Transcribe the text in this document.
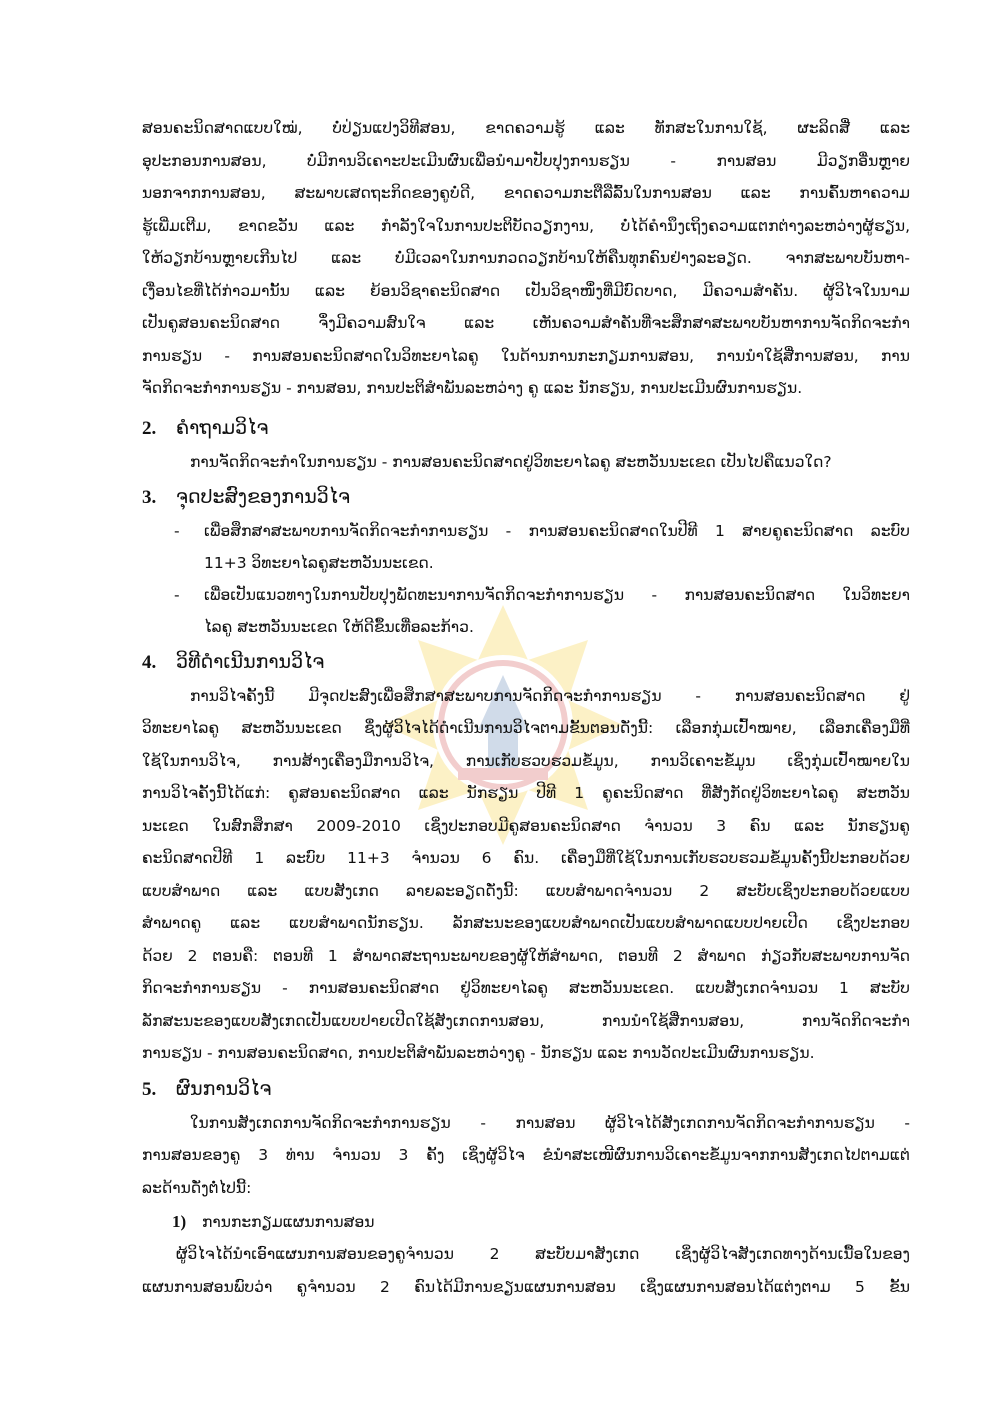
ສອນຄະນິດສາດແບບໃໝ່, ບໍ່ປ່ຽນແປງວິທີສອນ, ຂາດຄວາມຮູ້ ແລະ ທັກສະໃນການໃຊ້, ຜະລິດສື່ ແລະ

ອຸປະກອນການສອນ, ບໍ່ມີການວິເຄາະປະເມີນຜົນເພື່ອນຳມາປັບປຸງການຮຽນ - ການສອນ ມີວຽກອື່ນຫຼາຍ

ນອກຈາກການສອນ, ສະພາບເສດຖະກິດຂອງຄູບໍ່ດີ, ຂາດຄວາມກະຕືລືລົ້ນໃນການສອນ ແລະ ການຄົ້ນຫາຄວາມ

ຮູ້ເພີ່ມເຕີມ, ຂາດຂວັນ ແລະ ກຳລັງໃຈໃນການປະຕິບັດວຽກງານ, ບໍ່ໄດ້ຄຳນຶງເຖິງຄວາມແຕກຕ່າງລະຫວ່າງຜູ້ຮຽນ,

ໃຫ້ວຽກບ້ານຫຼາຍເກີນໄປ ແລະ ບໍ່ມີເວລາໃນການກວດວຽກບ້ານໃຫ້ຄືນທຸກຄົນຢ່າງລະອຽດ. ຈາກສະພາບບັນຫາ-

ເງື່ອນໄຂທີ່ໄດ້ກ່າວມານັ້ນ ແລະ ຍ້ອນວິຊາຄະນິດສາດ ເປັນວິຊາໜຶ່ງທີ່ມີບົດບາດ, ມີຄວາມສຳຄັນ. ຜູ້ວິໄຈໃນນາມ

ເປັນຄູສອນຄະນິດສາດ ຈຶ່ງມີຄວາມສົນໃຈ ແລະ ເຫັນຄວາມສຳຄັນທີ່ຈະສຶກສາສະພາບບັນຫາການຈັດກິດຈະກຳ

ການຮຽນ - ການສອນຄະນິດສາດໃນວິທະຍາໄລຄູ ໃນດ້ານການກະກຽມການສອນ, ການນຳໃຊ້ສື່ການສອນ, ການ

ຈັດກິດຈະກຳການຮຽນ - ການສອນ, ການປະຕິສຳພັນລະຫວ່າງ ຄູ ແລະ ນັກຮຽນ, ການປະເມີນຜົນການຮຽນ.

2.	ຄຳຖາມວິໄຈ

ການຈັດກິດຈະກຳໃນການຮຽນ - ການສອນຄະນິດສາດຢູ່ວິທະຍາໄລຄູ ສະຫວັນນະເຂດ ເປັນໄປຄືແນວໃດ?

3.	ຈຸດປະສົງຂອງການວິໄຈ
-	ເພື່ອສຶກສາສະພາບການຈັດກິດຈະກຳການຮຽນ - ການສອນຄະນິດສາດໃນປີທີ 1 ສາຍຄູຄະນິດສາດ ລະບົບ
11+3 ວິທະຍາໄລຄູສະຫວັນນະເຂດ.
-	ເພື່ອເປັນແນວທາງໃນການປັບປຸງພັດທະນາການຈັດກິດຈະກຳການຮຽນ - ການສອນຄະນິດສາດ ໃນວິທະຍາ
ໄລຄູ ສະຫວັນນະເຂດ ໃຫ້ດີຂຶ້ນເທື່ອລະກ້າວ.
4.	ວິທີດຳເນີນການວິໄຈ

ການວິໄຈຄັ້ງນີ້ ມີຈຸດປະສົງເພື່ອສຶກສາສະພາບການຈັດກິດຈະກຳການຮຽນ - ການສອນຄະນິດສາດ ຢູ່

ວິທະຍາໄລຄູ ສະຫວັນນະເຂດ ຊຶ່ງຜູ້ວິໄຈໄດ້ດຳເນີນການວິໄຈຕາມຂັ້ນຕອນດັ່ງນີ້: ເລືອກກຸ່ມເປົ້າໝາຍ, ເລືອກເຄື່ອງມືທີ່

ໃຊ້ໃນການວິໄຈ, ການສ້າງເຄື່ອງມືການວິໄຈ, ການເກັບຮວບຮວມຂໍ້ມູນ, ການວິເຄາະຂໍ້ມູນ ເຊິ່ງກຸ່ມເປົ້າໝາຍໃນ

ການວິໄຈຄັ້ງນີ້ໄດ້ແກ່: ຄູສອນຄະນິດສາດ ແລະ ນັກຮຽນ ປີທີ 1 ຄູຄະນິດສາດ ທີ່ສັງກັດຢູ່ວິທະຍາໄລຄູ ສະຫວັນ

ນະເຂດ ໃນສົກສຶກສາ 2009-2010 ເຊິ່ງປະກອບມີຄູສອນຄະນິດສາດ ຈຳນວນ 3 ຄົນ ແລະ ນັກຮຽນຄູ

ຄະນິດສາດປີທີ 1 ລະບົບ 11+3 ຈຳນວນ 6 ຄົນ. ເຄື່ອງມືທີ່ໃຊ້ໃນການເກັບຮວບຮວມຂໍ້ມູນຄັ້ງນີ້ປະກອບດ້ວຍ

ແບບສຳພາດ ແລະ ແບບສັງເກດ ລາຍລະອຽດດັ່ງນີ້: ແບບສຳພາດຈຳນວນ 2 ສະບັບເຊິ່ງປະກອບດ້ວຍແບບ

ສຳພາດຄູ ແລະ ແບບສຳພາດນັກຮຽນ. ລັກສະນະຂອງແບບສຳພາດເປັນແບບສຳພາດແບບປາຍເປີດ ເຊິ່ງປະກອບ

ດ້ວຍ 2 ຕອນຄື: ຕອນທີ 1 ສຳພາດສະຖານະພາບຂອງຜູ້ໃຫ້ສຳພາດ, ຕອນທີ 2 ສຳພາດ ກ່ຽວກັບສະພາບການຈັດ

ກິດຈະກຳການຮຽນ - ການສອນຄະນິດສາດ ຢູ່ວິທະຍາໄລຄູ ສະຫວັນນະເຂດ. ແບບສັງເກດຈຳນວນ 1 ສະບັບ

ລັກສະນະຂອງແບບສັງເກດເປັນແບບປາຍເປີດໃຊ້ສັງເກດການສອນ, ການນຳໃຊ້ສື່ການສອນ, ການຈັດກິດຈະກຳ

ການຮຽນ - ການສອນຄະນິດສາດ, ການປະຕິສຳພັນລະຫວ່າງຄູ - ນັກຮຽນ ແລະ ການວັດປະເມີນຜົນການຮຽນ.

5.	ຜົນການວິໄຈ

ໃນການສັງເກດການຈັດກິດຈະກຳການຮຽນ - ການສອນ ຜູ້ວິໄຈໄດ້ສັງເກດການຈັດກິດຈະກຳການຮຽນ -

ການສອນຂອງຄູ 3 ທ່ານ ຈຳນວນ 3 ຄັ້ງ ເຊິ່ງຜູ້ວິໄຈ ຂໍນຳສະເໜີຜົນການວິເຄາະຂໍ້ມູນຈາກການສັງເກດໄປຕາມແຕ່

ລະດ້ານດັ່ງຕໍ່ໄປນີ້:

1)	ການກະກຽມແຜນການສອນ

ຜູ້ວິໄຈໄດ້ນຳເອົາແຜນການສອນຂອງຄູຈຳນວນ 2 ສະບັບມາສັງເກດ ເຊິ່ງຜູ້ວິໄຈສັງເກດທາງດ້ານເນື້ອໃນຂອງ

ແຜນການສອນພົບວ່າ ຄູຈຳນວນ 2 ຄົນໄດ້ມີການຂຽນແຜນການສອນ ເຊິ່ງແຜນການສອນໄດ້ແຕ່ງຕາມ 5 ຂັ້ນ
